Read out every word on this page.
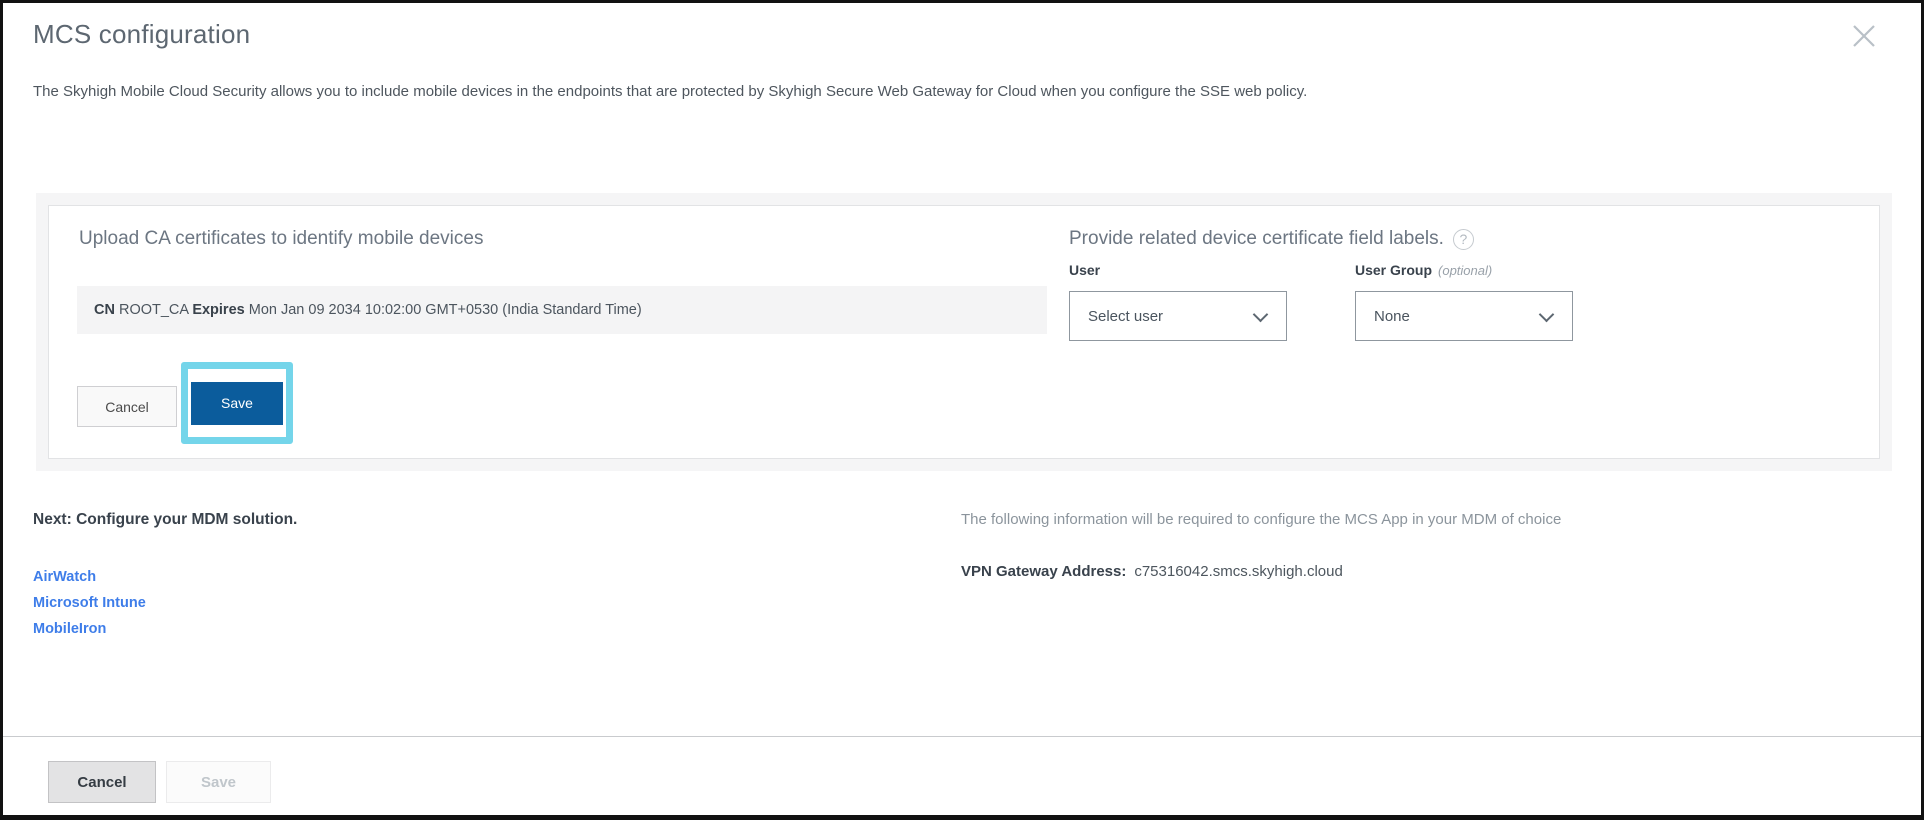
MCS configuration

The Skyhigh Mobile Cloud Security allows you to include mobile devices in the endpoints that are protected by Skyhigh Secure Web Gateway for Cloud when you configure the SSE web policy.

Upload CA certificates to identify mobile devices
CN ROOT_CA Expires Mon Jan 09 2034 10:02:00 GMT+0530 (India Standard Time)
Cancel	Save
Provide related device certificate field labels.	?
User
Select user
User Group (optional)
None
Next: Configure your MDM solution.
AirWatch
Microsoft Intune
MobileIron
The following information will be required to configure the MCS App in your MDM of choice
VPN Gateway Address: c75316042.smcs.skyhigh.cloud
Cancel	Save
